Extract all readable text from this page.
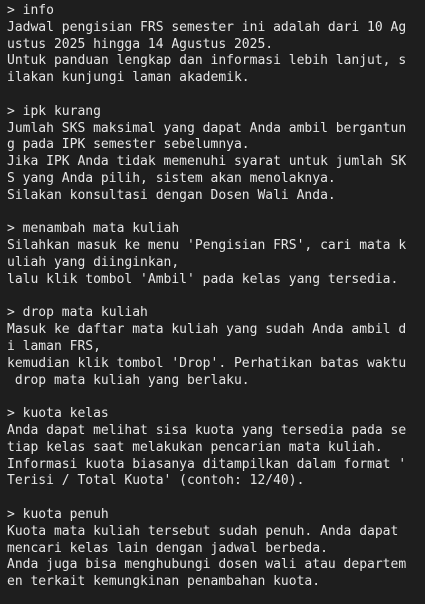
> info
Jadwal pengisian FRS semester ini adalah dari 10 Ag
ustus 2025 hingga 14 Agustus 2025.
Untuk panduan lengkap dan informasi lebih lanjut, s
ilakan kunjungi laman akademik.
> ipk kurang
Jumlah SKS maksimal yang dapat Anda ambil bergantun
g pada IPK semester sebelumnya.
Jika IPK Anda tidak memenuhi syarat untuk jumlah SK
S yang Anda pilih, sistem akan menolaknya.
Silakan konsultasi dengan Dosen Wali Anda.
> menambah mata kuliah
Silahkan masuk ke menu 'Pengisian FRS', cari mata k
uliah yang diinginkan,
lalu klik tombol 'Ambil' pada kelas yang tersedia.
> drop mata kuliah
Masuk ke daftar mata kuliah yang sudah Anda ambil d
i laman FRS,
kemudian klik tombol 'Drop'. Perhatikan batas waktu
drop mata kuliah yang berlaku.
> kuota kelas
Anda dapat melihat sisa kuota yang tersedia pada se
tiap kelas saat melakukan pencarian mata kuliah.
Informasi kuota biasanya ditampilkan dalam format '
Terisi / Total Kuota' (contoh: 12/40).
> kuota penuh
Kuota mata kuliah tersebut sudah penuh. Anda dapat
mencari kelas lain dengan jadwal berbeda.
Anda juga bisa menghubungi dosen wali atau departem
en terkait kemungkinan penambahan kuota.
